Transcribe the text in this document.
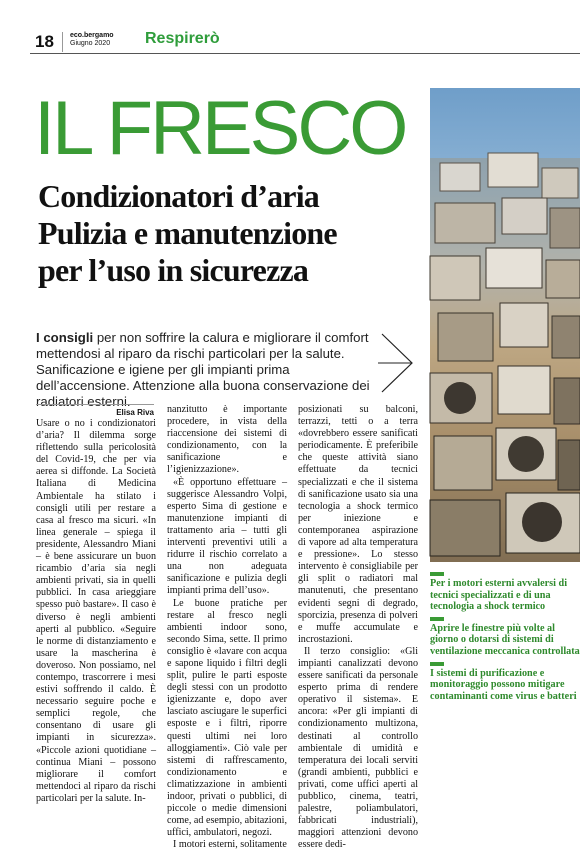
18 eco.bergamo
Giugno 2020 Respirerò
IL FRESCO
Condizionatori d’aria
Pulizia e manutenzione
per l’uso in sicurezza
I consigli per non soffrire la calura e migliorare il comfort mettendosi al riparo da rischi particolari per la salute. Sanificazione e igiene per gli impianti prima dell’accensione. Attenzione alla buona conservazione dei radiatori esterni.
Elisa Riva

Usare o no i condizionatori d’aria? Il dilemma sorge riflettendo sulla pericolosità del Covid-19, che per via aerea si diffonde. La Società Italiana di Medicina Ambientale ha stilato i consigli utili per restare a casa al fresco ma sicuri. «In linea generale – spiega il presidente, Alessandro Miani – è bene assicurare un buon ricambio d’aria sia negli ambienti privati, sia in quelli pubblici. In casa arieggiare spesso può bastare». Il caso è diverso è negli ambienti aperti al pubblico. «Seguire le norme di distanziamento e usare la mascherina è doveroso. Non possiamo, nel contempo, trascorrere i mesi estivi soffrendo il caldo. È necessario seguire poche e semplici regole, che consentano di usare gli impianti in sicurezza». «Piccole azioni quotidiane – continua Miani – possono migliorare il comfort mettendoci al riparo da rischi particolari per la salute. In-

nanzitutto è importante procedere, in vista della riaccensione dei sistemi di condizionamento, con la sanificazione e l’igienizzazione».

«È opportuno effettuare – suggerisce Alessandro Volpi, esperto Sima di gestione e manutenzione impianti di trattamento aria – tutti gli interventi preventivi utili a ridurre il rischio correlato a una non adeguata sanificazione e pulizia degli impianti prima dell’uso».

Le buone pratiche per restare al fresco negli ambienti indoor sono, secondo Sima, sette. Il primo consiglio è «lavare con acqua e sapone liquido i filtri degli split, pulire le parti esposte degli stessi con un prodotto igienizzante e, dopo aver lasciato asciugare le superfici esposte e i filtri, riporre questi ultimi nei loro alloggiamenti». Ciò vale per sistemi di raffrescamento, condizionamento e climatizzazione in ambienti indoor, privati o pubblici, di piccole o medie dimensioni come, ad esempio, abitazioni, uffici, ambulatori, negozi.

I motori esterni, solitamente

posizionati su balconi, terrazzi, tetti o a terra «dovrebbero essere sanificati periodicamente. È preferibile che queste attività siano effettuate da tecnici specializzati e che il sistema di sanificazione usato sia una tecnologia a shock termico per iniezione e contemporanea aspirazione di vapore ad alta temperatura e pressione». Lo stesso intervento è consigliabile per gli split o radiatori mal manutenuti, che presentano evidenti segni di degrado, sporcizia, presenza di polveri e muffe accumulate e incrostazioni.

Il terzo consiglio: «Gli impianti canalizzati devono essere sanificati da personale esperto prima di rendere operativo il sistema». E ancora: «Per gli impianti di condizionamento multizona, destinati al controllo ambientale di umidità e temperatura dei locali serviti (grandi ambienti, pubblici e privati, come uffici aperti al pubblico, cinema, teatri, palestre, poliambulatori, fabbricati industriali), maggiori attenzioni devono essere dedi-

Per i motori esterni avvalersi di tecnici specializzati e di una tecnologia a shock termico
Aprire le finestre più volte al giorno o dotarsi di sistemi di ventilazione meccanica controllata
I sistemi di purificazione e monitoraggio possono mitigare contaminanti come virus e batteri
